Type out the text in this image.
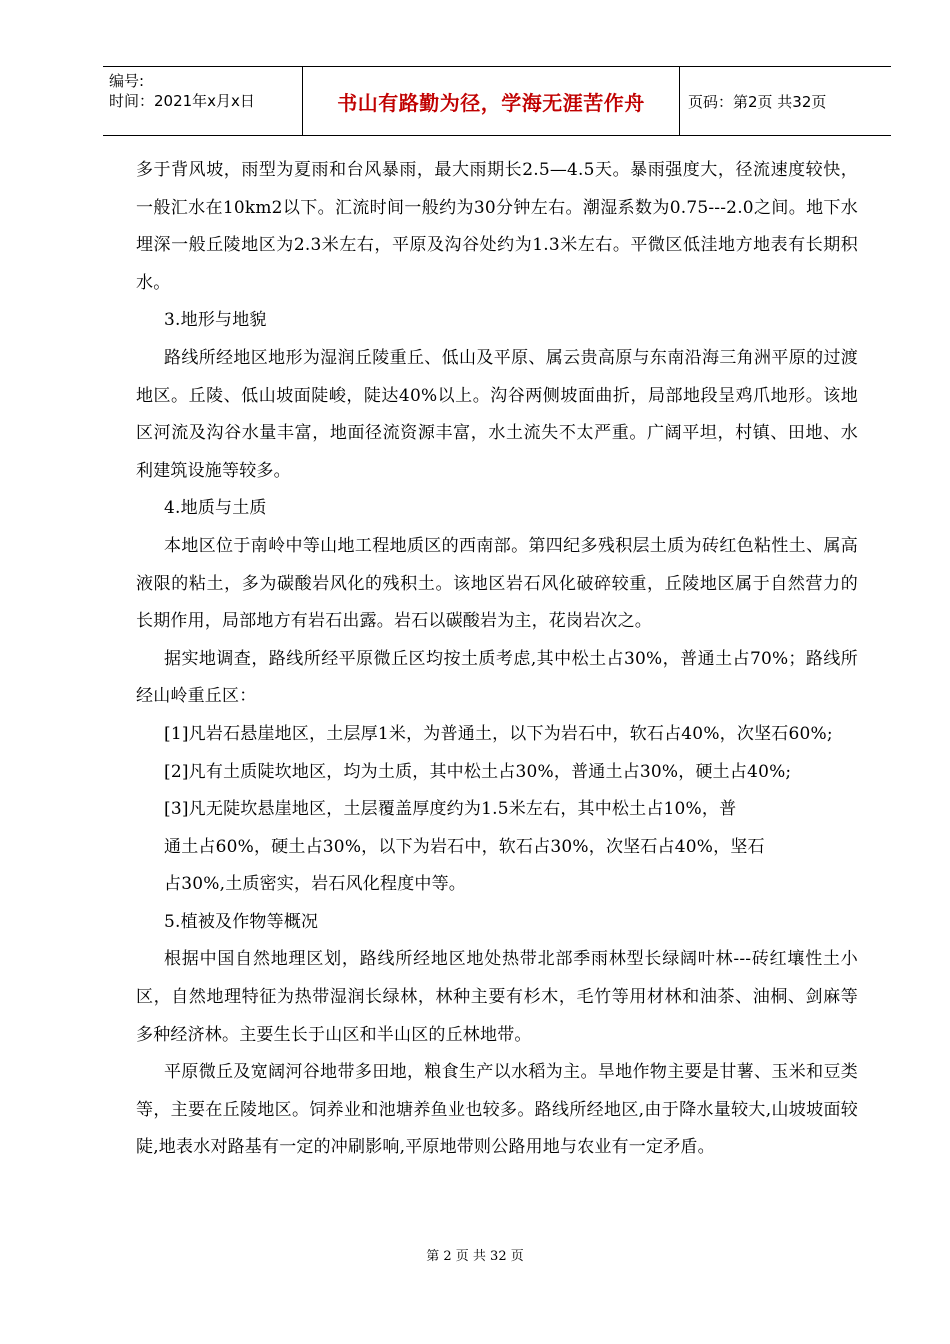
编号:
时间：2021年x月x日	书山有路勤为径，学海无涯苦作舟	页码：第2页 共32页

多于背风坡，雨型为夏雨和台风暴雨，最大雨期长2.5—4.5天。暴雨强度大，径流速度较快，一般汇水在10km2以下。汇流时间一般约为30分钟左右。潮湿系数为0.75---2.0之间。地下水埋深一般丘陵地区为2.3米左右，平原及沟谷处约为1.3米左右。平微区低洼地方地表有长期积水。

3.地形与地貌

路线所经地区地形为湿润丘陵重丘、低山及平原、属云贵高原与东南沿海三角洲平原的过渡地区。丘陵、低山坡面陡峻，陡达40%以上。沟谷两侧坡面曲折，局部地段呈鸡爪地形。该地区河流及沟谷水量丰富，地面径流资源丰富，水土流失不太严重。广阔平坦，村镇、田地、水利建筑设施等较多。

4.地质与土质

本地区位于南岭中等山地工程地质区的西南部。第四纪多残积层土质为砖红色粘性土、属高液限的粘土，多为碳酸岩风化的残积土。该地区岩石风化破碎较重，丘陵地区属于自然营力的长期作用，局部地方有岩石出露。岩石以碳酸岩为主，花岗岩次之。

据实地调查，路线所经平原微丘区均按土质考虑,其中松土占30%，普通土占70%；路线所经山岭重丘区：

[1]凡岩石悬崖地区，土层厚1米，为普通土，以下为岩石中，软石占40%，次坚石60%;

[2]凡有土质陡坎地区，均为土质，其中松土占30%，普通土占30%，硬土占40%;

[3]凡无陡坎悬崖地区，土层覆盖厚度约为1.5米左右，其中松土占10%，普

通土占60%，硬土占30%，以下为岩石中，软石占30%，次坚石占40%，坚石

占30%,土质密实，岩石风化程度中等。

5.植被及作物等概况

根据中国自然地理区划，路线所经地区地处热带北部季雨林型长绿阔叶林---砖红壤性土小区，自然地理特征为热带湿润长绿林，林种主要有杉木，毛竹等用材林和油茶、油桐、剑麻等多种经济林。主要生长于山区和半山区的丘林地带。

平原微丘及宽阔河谷地带多田地，粮食生产以水稻为主。旱地作物主要是甘薯、玉米和豆类等，主要在丘陵地区。饲养业和池塘养鱼业也较多。路线所经地区,由于降水量较大,山坡坡面较陡,地表水对路基有一定的冲刷影响,平原地带则公路用地与农业有一定矛盾。

第 2 页 共 32 页
